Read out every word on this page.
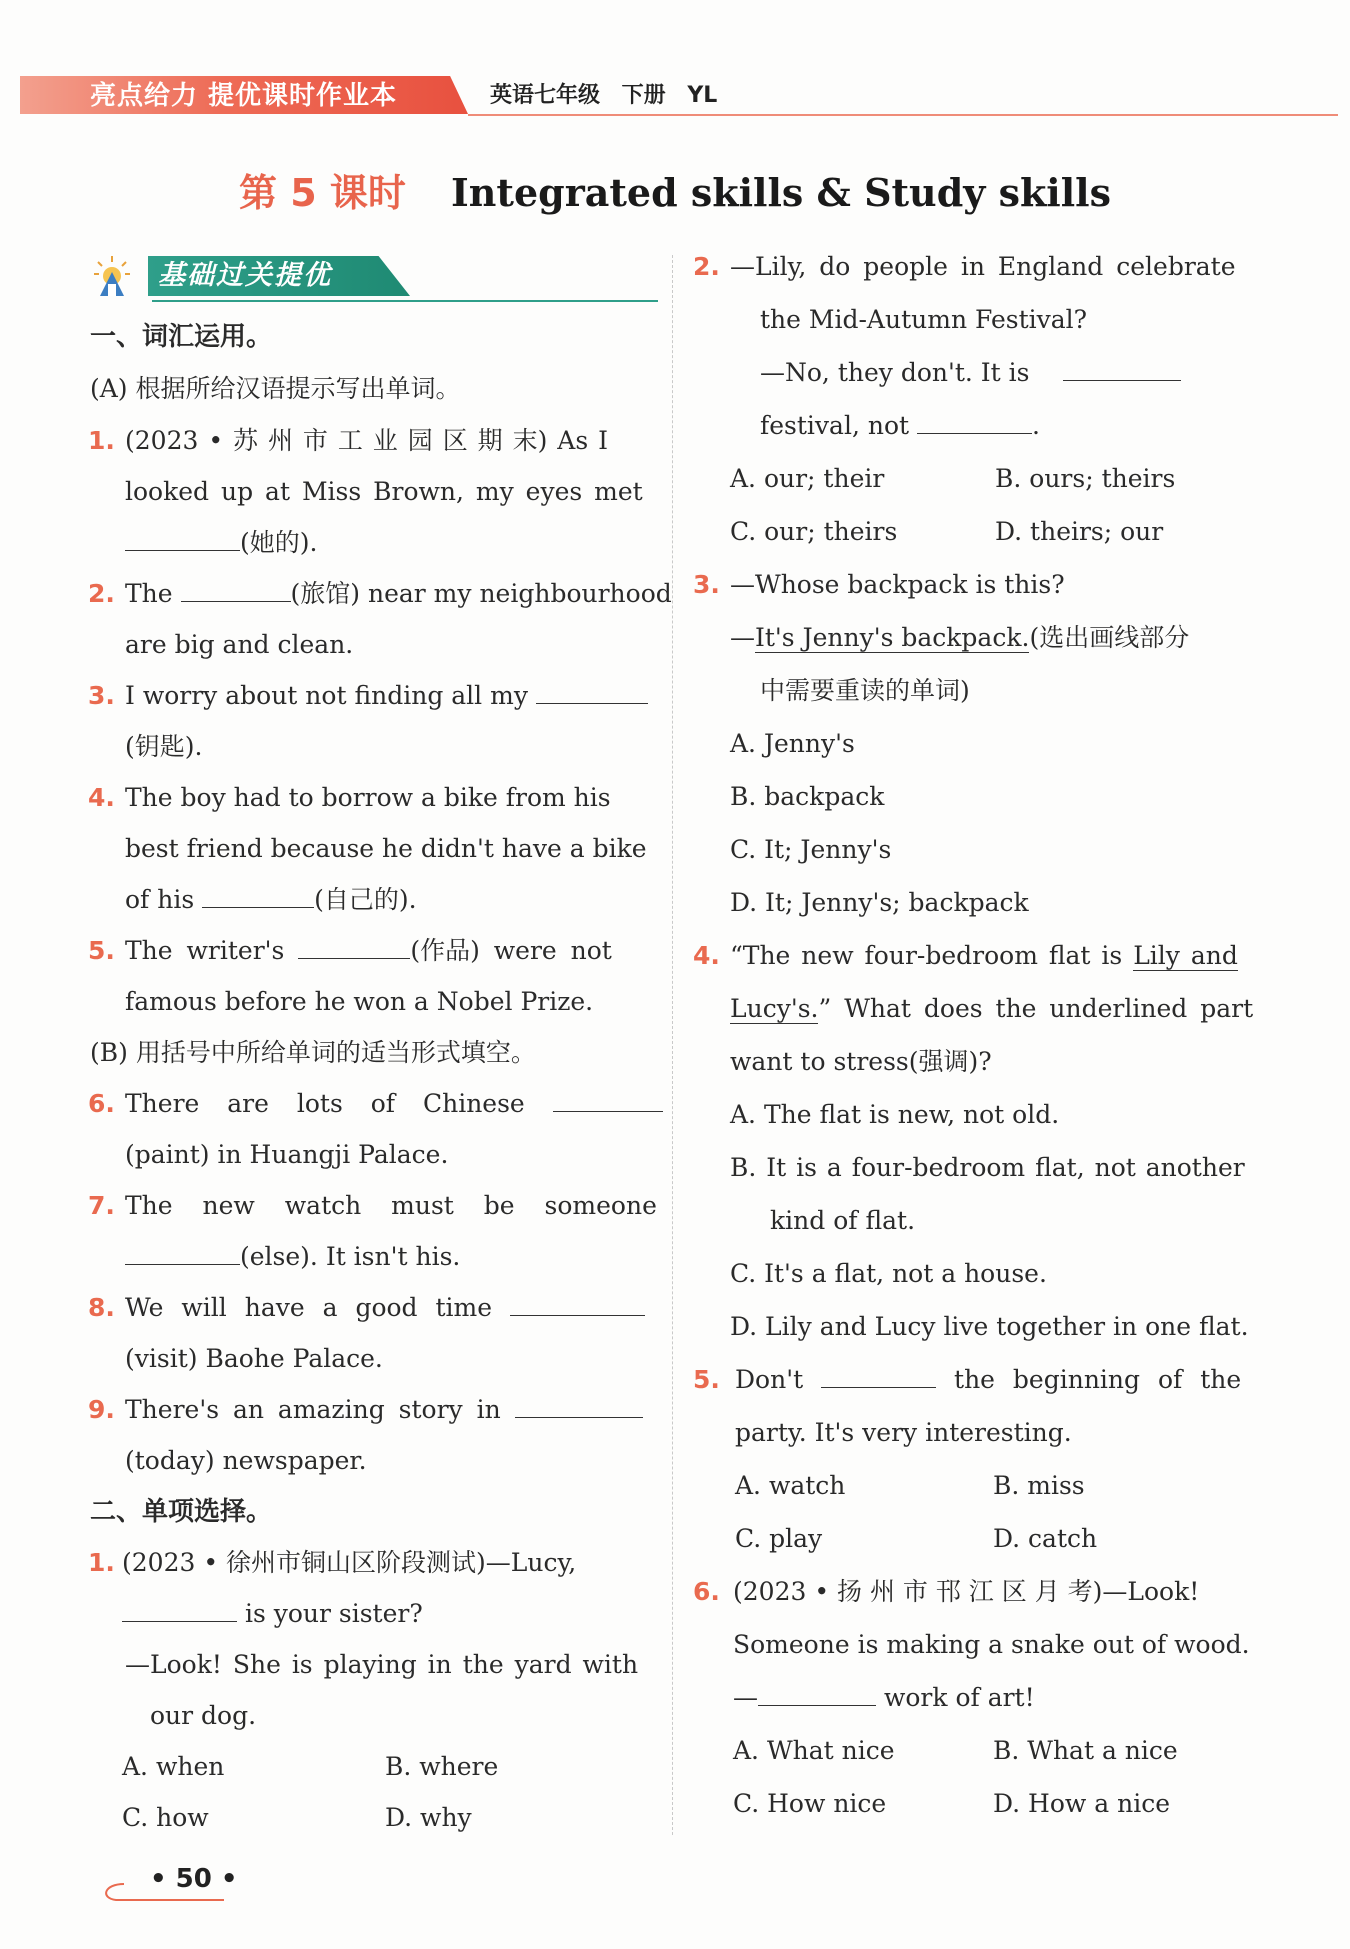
亮点给力 提优课时作业本	英语七年级 下册 YL
第 5 课时 Integrated skills & Study skills
基础过关提优
一、词汇运用。
(A) 根据所给汉语提示写出单词。
1. (2023 • 苏 州 市 工 业 园 区 期 末) As I
looked up at Miss Brown, my eyes met
(她的).
2. The	(旅馆) near my neighbourhood
are big and clean.
3. I worry about not finding all my
(钥匙).
4. The boy had to borrow a bike from his
best friend because he didn't have a bike
of his	(自己的).
5. The writer's	(作品) were not
famous before he won a Nobel Prize.
(B) 用括号中所给单词的适当形式填空。
6. There are lots of Chinese
(paint) in Huangji Palace.
7. The new watch must be someone
(else). It isn't his.
8. We will have a good time
(visit) Baohe Palace.
9. There's an amazing story in
(today) newspaper.
二、单项选择。
1. (2023 • 徐州市铜山区阶段测试)—Lucy,
is your sister?
—Look! She is playing in the yard with
our dog.
A. when	B. where
C. how	D. why
• 50 •
2. —Lily, do people in England celebrate
the Mid-Autumn Festival?
—No, they don't. It is
festival, not	.
A. our; their	B. ours; theirs
C. our; theirs	D. theirs; our
3. —Whose backpack is this?
—It's Jenny's backpack.(选出画线部分
中需要重读的单词)
A. Jenny's
B. backpack
C. It; Jenny's
D. It; Jenny's; backpack
4. “The new four-bedroom flat is Lily and
Lucy's.” What does the underlined part
want to stress(强调)?
A. The flat is new, not old.
B. It is a four-bedroom flat, not another
kind of flat.
C. It's a flat, not a house.
D. Lily and Lucy live together in one flat.
5. Don't	the beginning of the
party. It's very interesting.
A. watch	B. miss
C. play	D. catch
6. (2023 • 扬 州 市 邗 江 区 月 考)—Look!
Someone is making a snake out of wood.
—	work of art!
A. What nice	B. What a nice
C. How nice	D. How a nice
